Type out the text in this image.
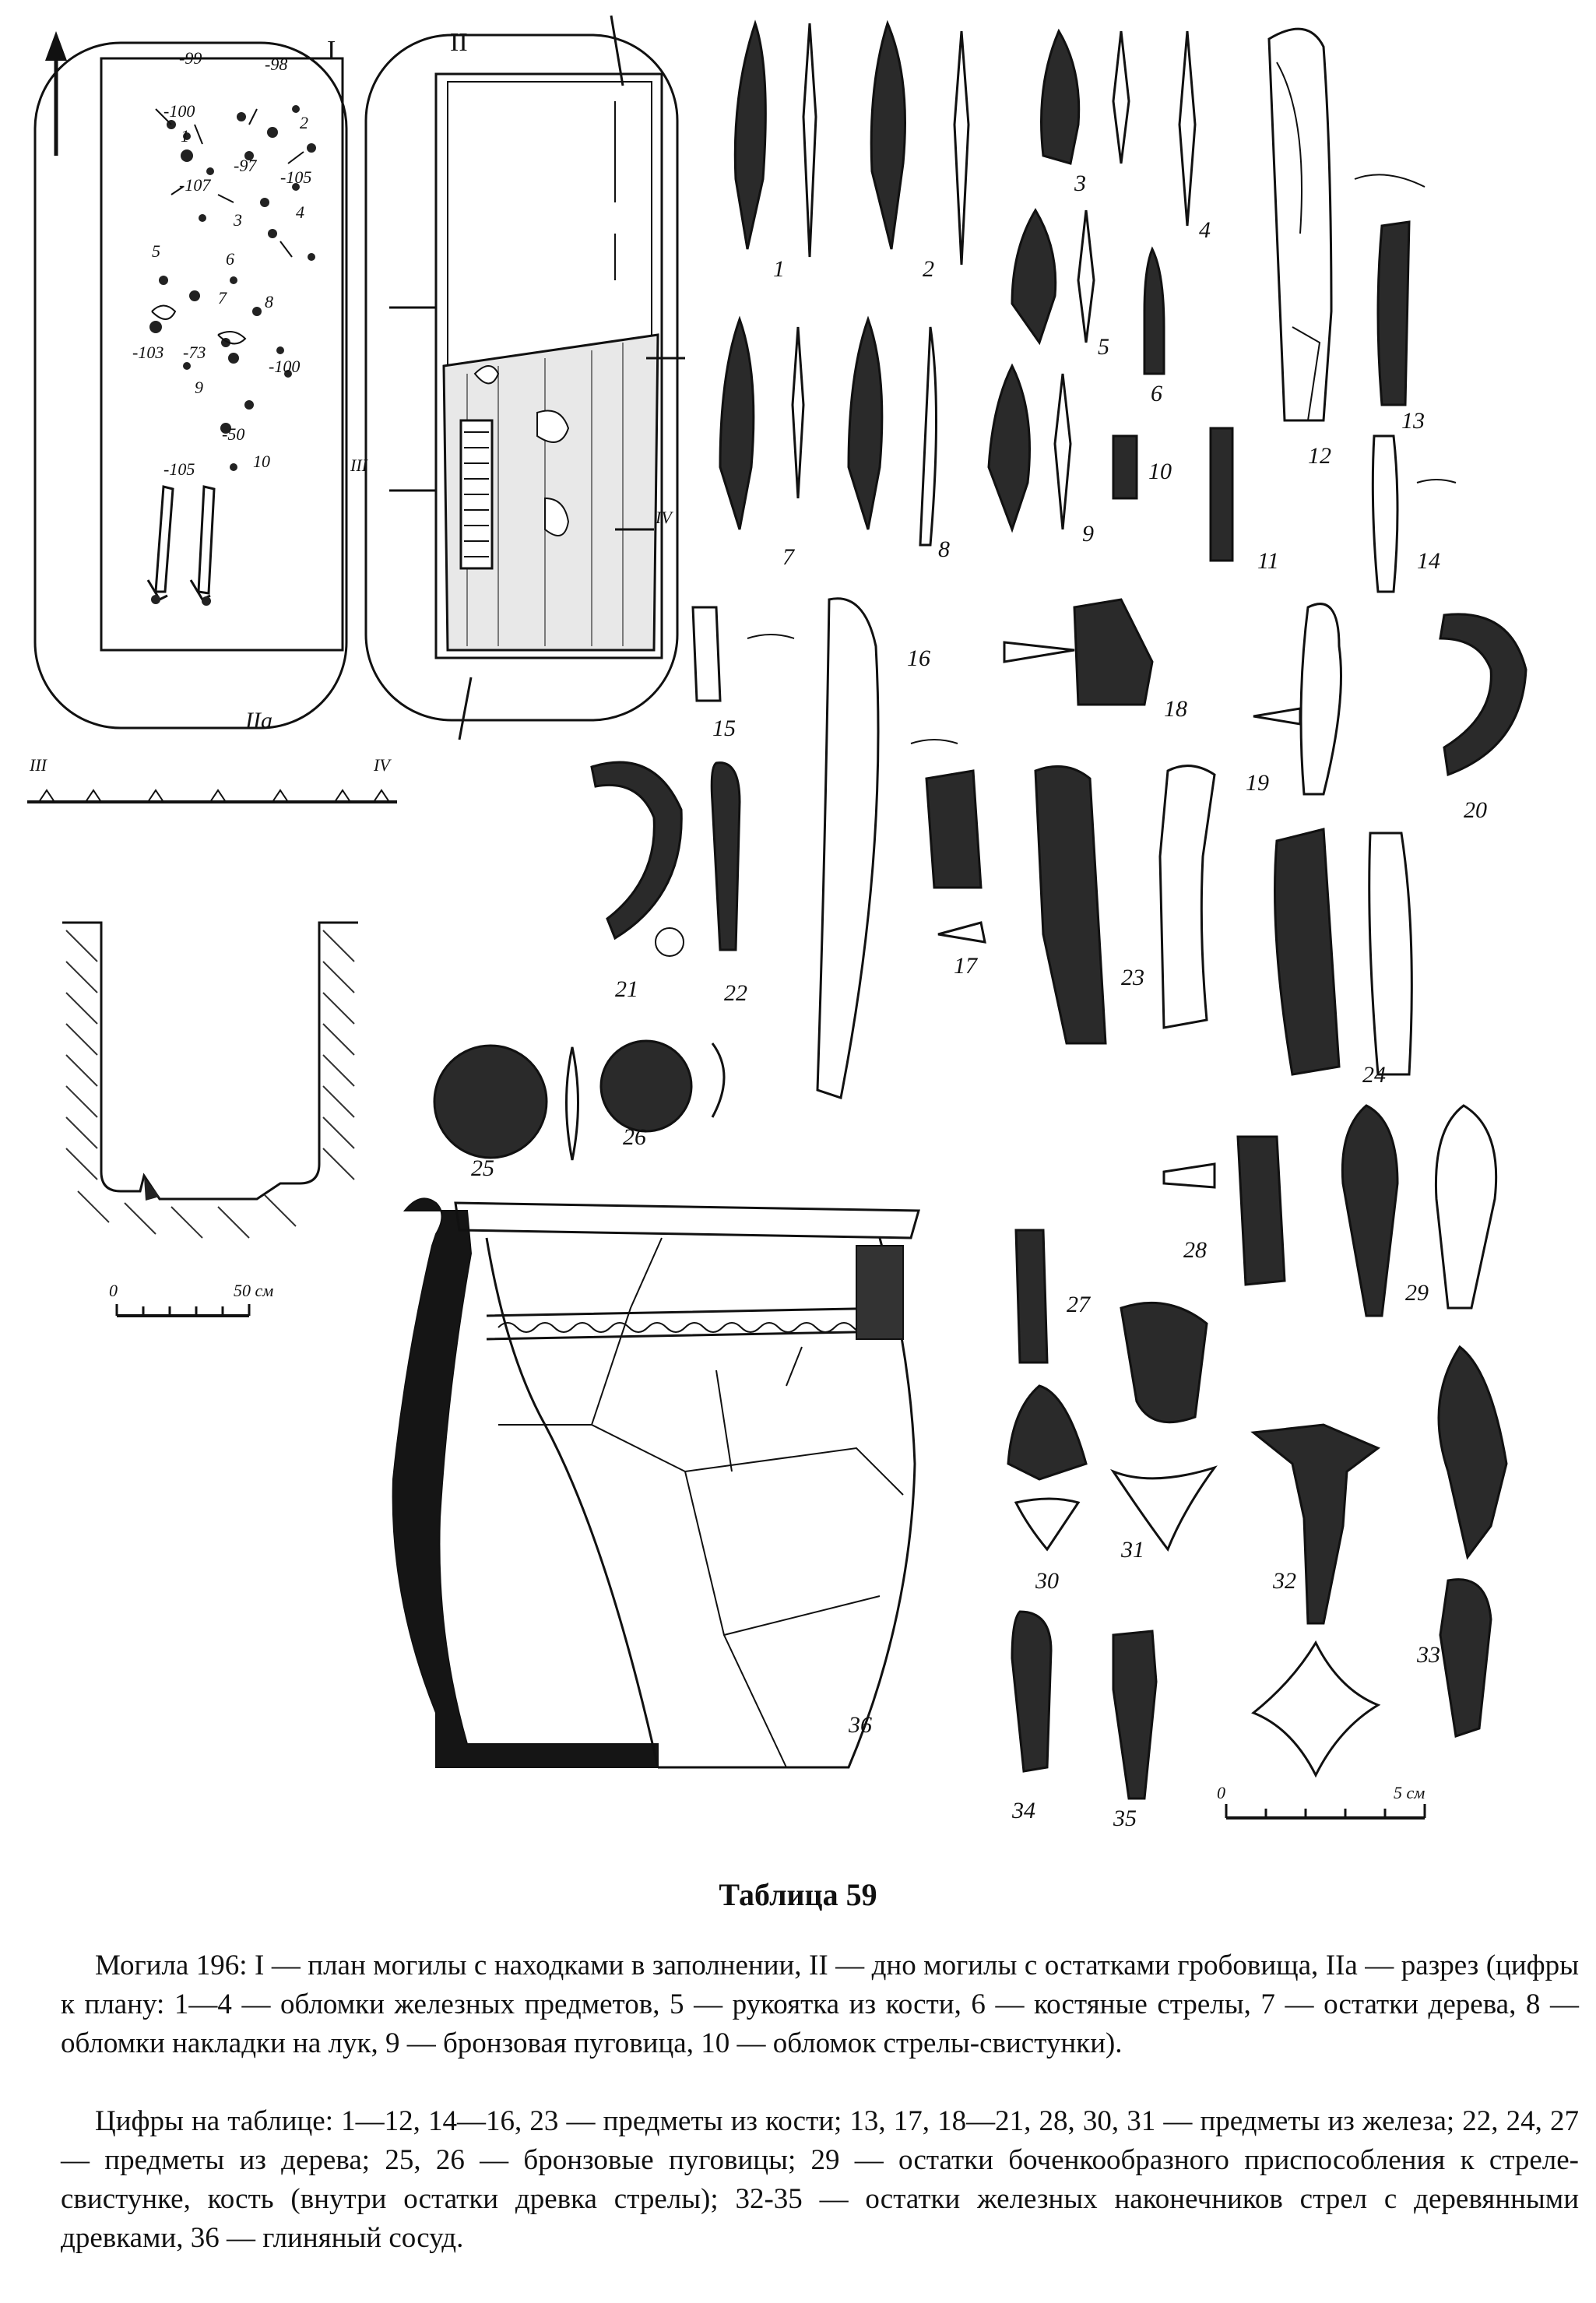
I
-99	-98
-100
-97
-107	-105
-103 -73
-100
-50
-105
1
2
3	4
5	6
7 8
9
10
IIa
II
III
IV
III	IV
0	50 см
0	5 см
1	2
3
4
5
6
7	8
9
10
11
12
13
14
15
16
17
18
19
20
21	22
23
24
25
26
27
28
29
30
31
32
33
34	35
36
Таблица 59

Могила 196: I — план могилы с находками в заполнении, II — дно могилы с остатками гробовища, IIa — разрез (цифры к плану: 1—4 — обломки железных предметов, 5 — рукоятка из кости, 6 — костяные стрелы, 7 — остатки дерева, 8 — обломки накладки на лук, 9 — бронзовая пуговица, 10 — обломок стрелы-свистунки).

Цифры на таблице: 1—12, 14—16, 23 — предметы из кости; 13, 17, 18—21, 28, 30, 31 — предметы из железа; 22, 24, 27 — предметы из дерева; 25, 26 — бронзовые пуговицы; 29 — остатки боченкообразного приспособления к стреле-свистунке, кость (внутри остатки древка стрелы); 32-35 — остатки железных наконечников стрел с деревянными древками, 36 — глиняный сосуд.
